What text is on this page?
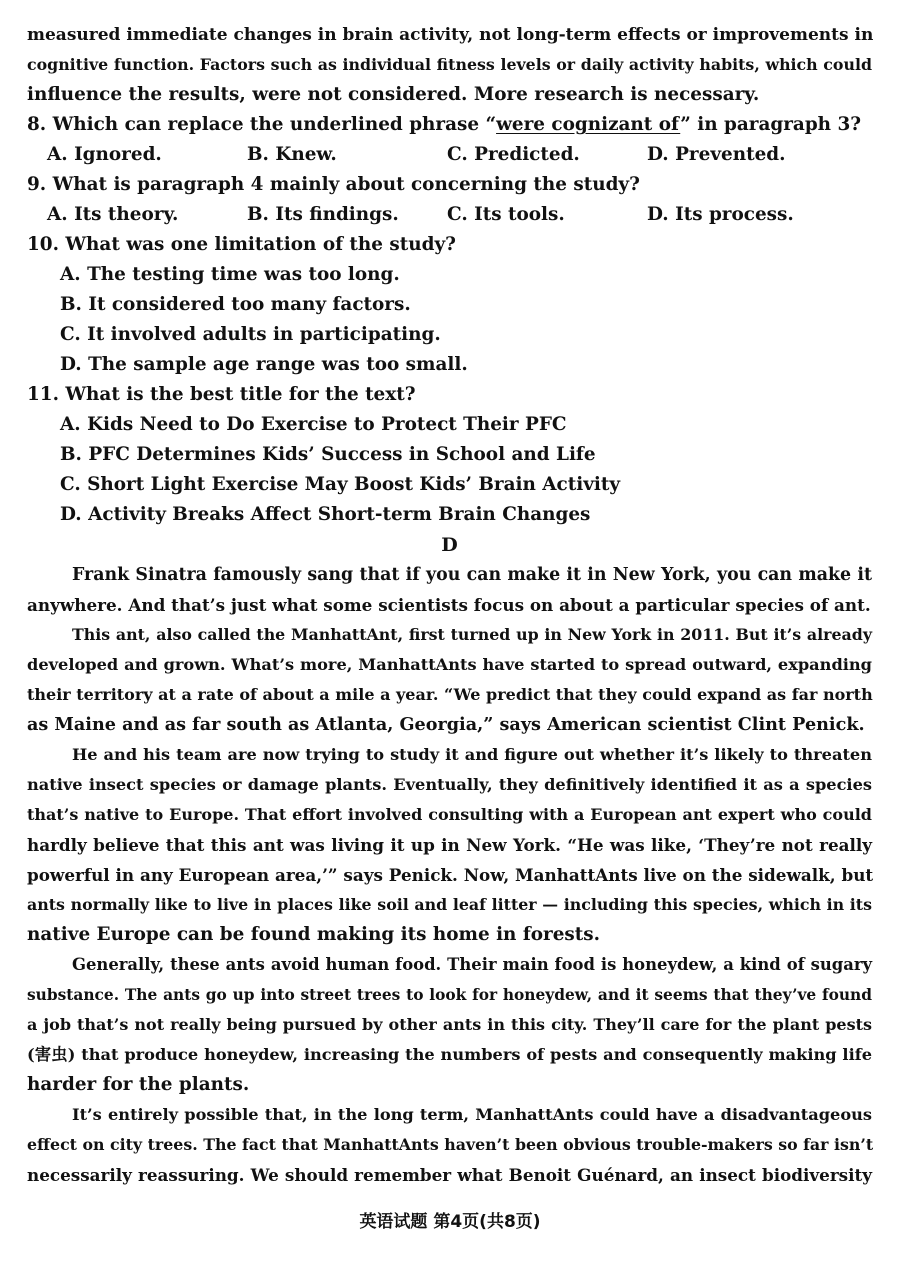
measured immediate changes in brain activity, not long-term effects or improvements in
cognitive function. Factors such as individual fitness levels or daily activity habits, which could
influence the results, were not considered. More research is necessary.
8. Which can replace the underlined phrase “were cognizant of” in paragraph 3?
A. Ignored.	B. Knew.	C. Predicted.	D. Prevented.
9. What is paragraph 4 mainly about concerning the study?
A. Its theory.	B. Its findings.	C. Its tools.	D. Its process.
10. What was one limitation of the study?
A. The testing time was too long.
B. It considered too many factors.
C. It involved adults in participating.
D. The sample age range was too small.
11. What is the best title for the text?
A. Kids Need to Do Exercise to Protect Their PFC
B. PFC Determines Kids’ Success in School and Life
C. Short Light Exercise May Boost Kids’ Brain Activity
D. Activity Breaks Affect Short-term Brain Changes
D
Frank Sinatra famously sang that if you can make it in New York, you can make it
anywhere. And that’s just what some scientists focus on about a particular species of ant.
This ant, also called the ManhattAnt, first turned up in New York in 2011. But it’s already
developed and grown. What’s more, ManhattAnts have started to spread outward, expanding
their territory at a rate of about a mile a year. “We predict that they could expand as far north
as Maine and as far south as Atlanta, Georgia,” says American scientist Clint Penick.
He and his team are now trying to study it and figure out whether it’s likely to threaten
native insect species or damage plants. Eventually, they definitively identified it as a species
that’s native to Europe. That effort involved consulting with a European ant expert who could
hardly believe that this ant was living it up in New York. “He was like, ‘They’re not really
powerful in any European area,’” says Penick. Now, ManhattAnts live on the sidewalk, but
ants normally like to live in places like soil and leaf litter — including this species, which in its
native Europe can be found making its home in forests.
Generally, these ants avoid human food. Their main food is honeydew, a kind of sugary
substance. The ants go up into street trees to look for honeydew, and it seems that they’ve found
a job that’s not really being pursued by other ants in this city. They’ll care for the plant pests
(害虫) that produce honeydew, increasing the numbers of pests and consequently making life
harder for the plants.
It’s entirely possible that, in the long term, ManhattAnts could have a disadvantageous
effect on city trees. The fact that ManhattAnts haven’t been obvious trouble-makers so far isn’t
necessarily reassuring. We should remember what Benoit Guénard, an insect biodiversity
英语试题 第4页(共8页)
